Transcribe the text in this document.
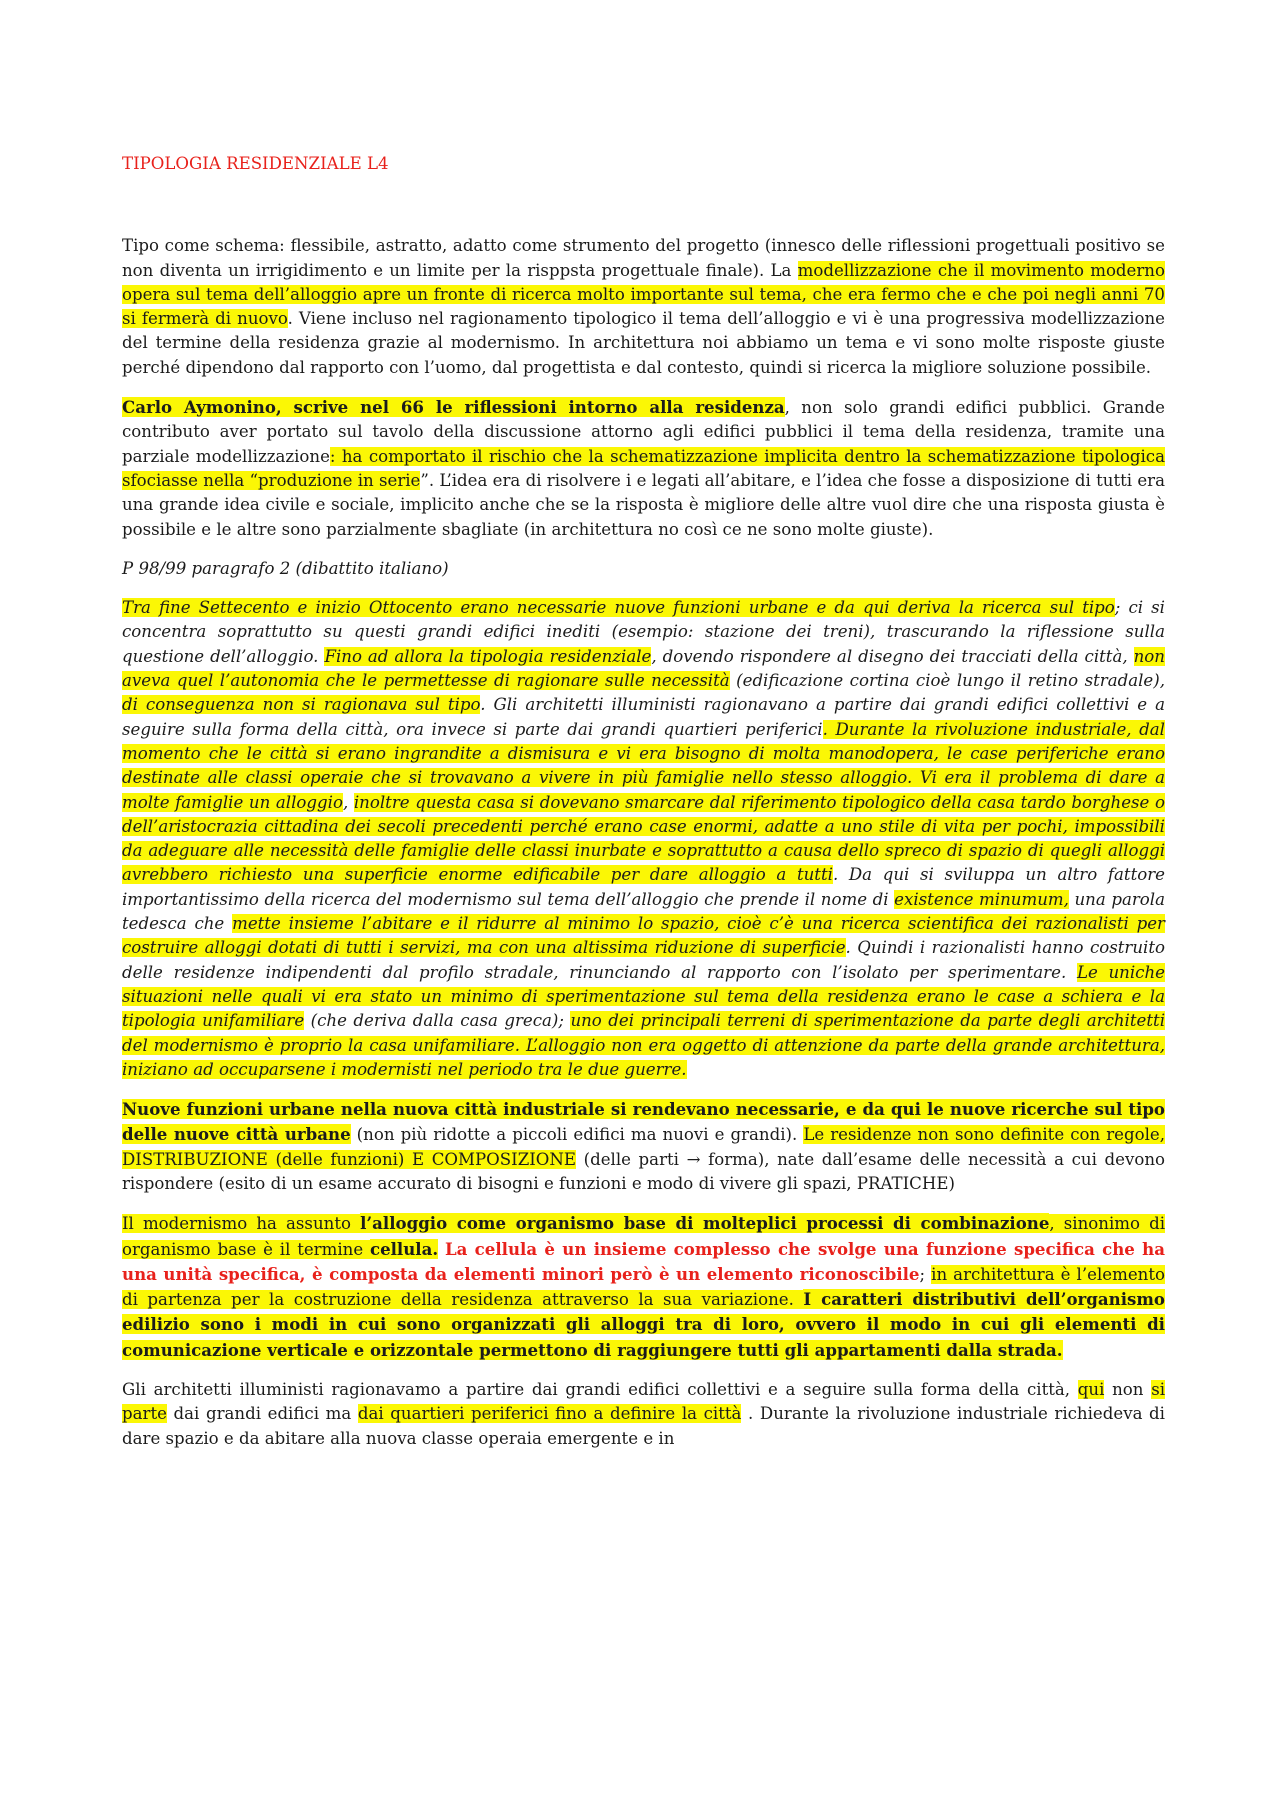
TIPOLOGIA RESIDENZIALE L4

Tipo come schema: flessibile, astratto, adatto come strumento del progetto (innesco delle riflessioni progettuali positivo se non diventa un irrigidimento e un limite per la risppsta progettuale finale). La modellizzazione che il movimento moderno opera sul tema dell’alloggio apre un fronte di ricerca molto importante sul tema, che era fermo che e che poi negli anni 70 si fermerà di nuovo. Viene incluso nel ragionamento tipologico il tema dell’alloggio e vi è una progressiva modellizzazione del termine della residenza grazie al modernismo. In architettura noi abbiamo un tema e vi sono molte risposte giuste perché dipendono dal rapporto con l’uomo, dal progettista e dal contesto, quindi si ricerca la migliore soluzione possibile.

Carlo Aymonino, scrive nel 66 le riflessioni intorno alla residenza, non solo grandi edifici pubblici. Grande contributo aver portato sul tavolo della discussione attorno agli edifici pubblici il tema della residenza, tramite una parziale modellizzazione: ha comportato il rischio che la schematizzazione implicita dentro la schematizzazione tipologica sfociasse nella “produzione in serie”. L’idea era di risolvere i e legati all’abitare, e l’idea che fosse a disposizione di tutti era una grande idea civile e sociale, implicito anche che se la risposta è migliore delle altre vuol dire che una risposta giusta è possibile e le altre sono parzialmente sbagliate (in architettura no così ce ne sono molte giuste).

P 98/99 paragrafo 2 (dibattito italiano)

Tra fine Settecento e inizio Ottocento erano necessarie nuove funzioni urbane e da qui deriva la ricerca sul tipo; ci si concentra soprattutto su questi grandi edifici inediti (esempio: stazione dei treni), trascurando la riflessione sulla questione dell’alloggio. Fino ad allora la tipologia residenziale, dovendo rispondere al disegno dei tracciati della città, non aveva quel l’autonomia che le permettesse di ragionare sulle necessità (edificazione cortina cioè lungo il retino stradale), di conseguenza non si ragionava sul tipo. Gli architetti illuministi ragionavano a partire dai grandi edifici collettivi e a seguire sulla forma della città, ora invece si parte dai grandi quartieri periferici. Durante la rivoluzione industriale, dal momento che le città si erano ingrandite a dismisura e vi era bisogno di molta manodopera, le case periferiche erano destinate alle classi operaie che si trovavano a vivere in più famiglie nello stesso alloggio. Vi era il problema di dare a molte famiglie un alloggio, inoltre questa casa si dovevano smarcare dal riferimento tipologico della casa tardo borghese o dell’aristocrazia cittadina dei secoli precedenti perché erano case enormi, adatte a uno stile di vita per pochi, impossibili da adeguare alle necessità delle famiglie delle classi inurbate e soprattutto a causa dello spreco di spazio di quegli alloggi avrebbero richiesto una superficie enorme edificabile per dare alloggio a tutti. Da qui si sviluppa un altro fattore importantissimo della ricerca del modernismo sul tema dell’alloggio che prende il nome di existence minumum, una parola tedesca che mette insieme l’abitare e il ridurre al minimo lo spazio, cioè c’è una ricerca scientifica dei razionalisti per costruire alloggi dotati di tutti i servizi, ma con una altissima riduzione di superficie. Quindi i razionalisti hanno costruito delle residenze indipendenti dal profilo stradale, rinunciando al rapporto con l’isolato per sperimentare. Le uniche situazioni nelle quali vi era stato un minimo di sperimentazione sul tema della residenza erano le case a schiera e la tipologia unifamiliare (che deriva dalla casa greca); uno dei principali terreni di sperimentazione da parte degli architetti del modernismo è proprio la casa unifamiliare. L’alloggio non era oggetto di attenzione da parte della grande architettura, iniziano ad occuparsene i modernisti nel periodo tra le due guerre.

Nuove funzioni urbane nella nuova città industriale si rendevano necessarie, e da qui le nuove ricerche sul tipo delle nuove città urbane (non più ridotte a piccoli edifici ma nuovi e grandi). Le residenze non sono definite con regole, DISTRIBUZIONE (delle funzioni) E COMPOSIZIONE (delle parti → forma), nate dall’esame delle necessità a cui devono rispondere (esito di un esame accurato di bisogni e funzioni e modo di vivere gli spazi, PRATICHE)

Il modernismo ha assunto l’alloggio come organismo base di molteplici processi di combinazione, sinonimo di organismo base è il termine cellula. La cellula è un insieme complesso che svolge una funzione specifica che ha una unità specifica, è composta da elementi minori però è un elemento riconoscibile; in architettura è l’elemento di partenza per la costruzione della residenza attraverso la sua variazione. I caratteri distributivi dell’organismo edilizio sono i modi in cui sono organizzati gli alloggi tra di loro, ovvero il modo in cui gli elementi di comunicazione verticale e orizzontale permettono di raggiungere tutti gli appartamenti dalla strada.

Gli architetti illuministi ragionavamo a partire dai grandi edifici collettivi e a seguire sulla forma della città, qui non si parte dai grandi edifici ma dai quartieri periferici fino a definire la città . Durante la rivoluzione industriale richiedeva di dare spazio e da abitare alla nuova classe operaia emergente e in
